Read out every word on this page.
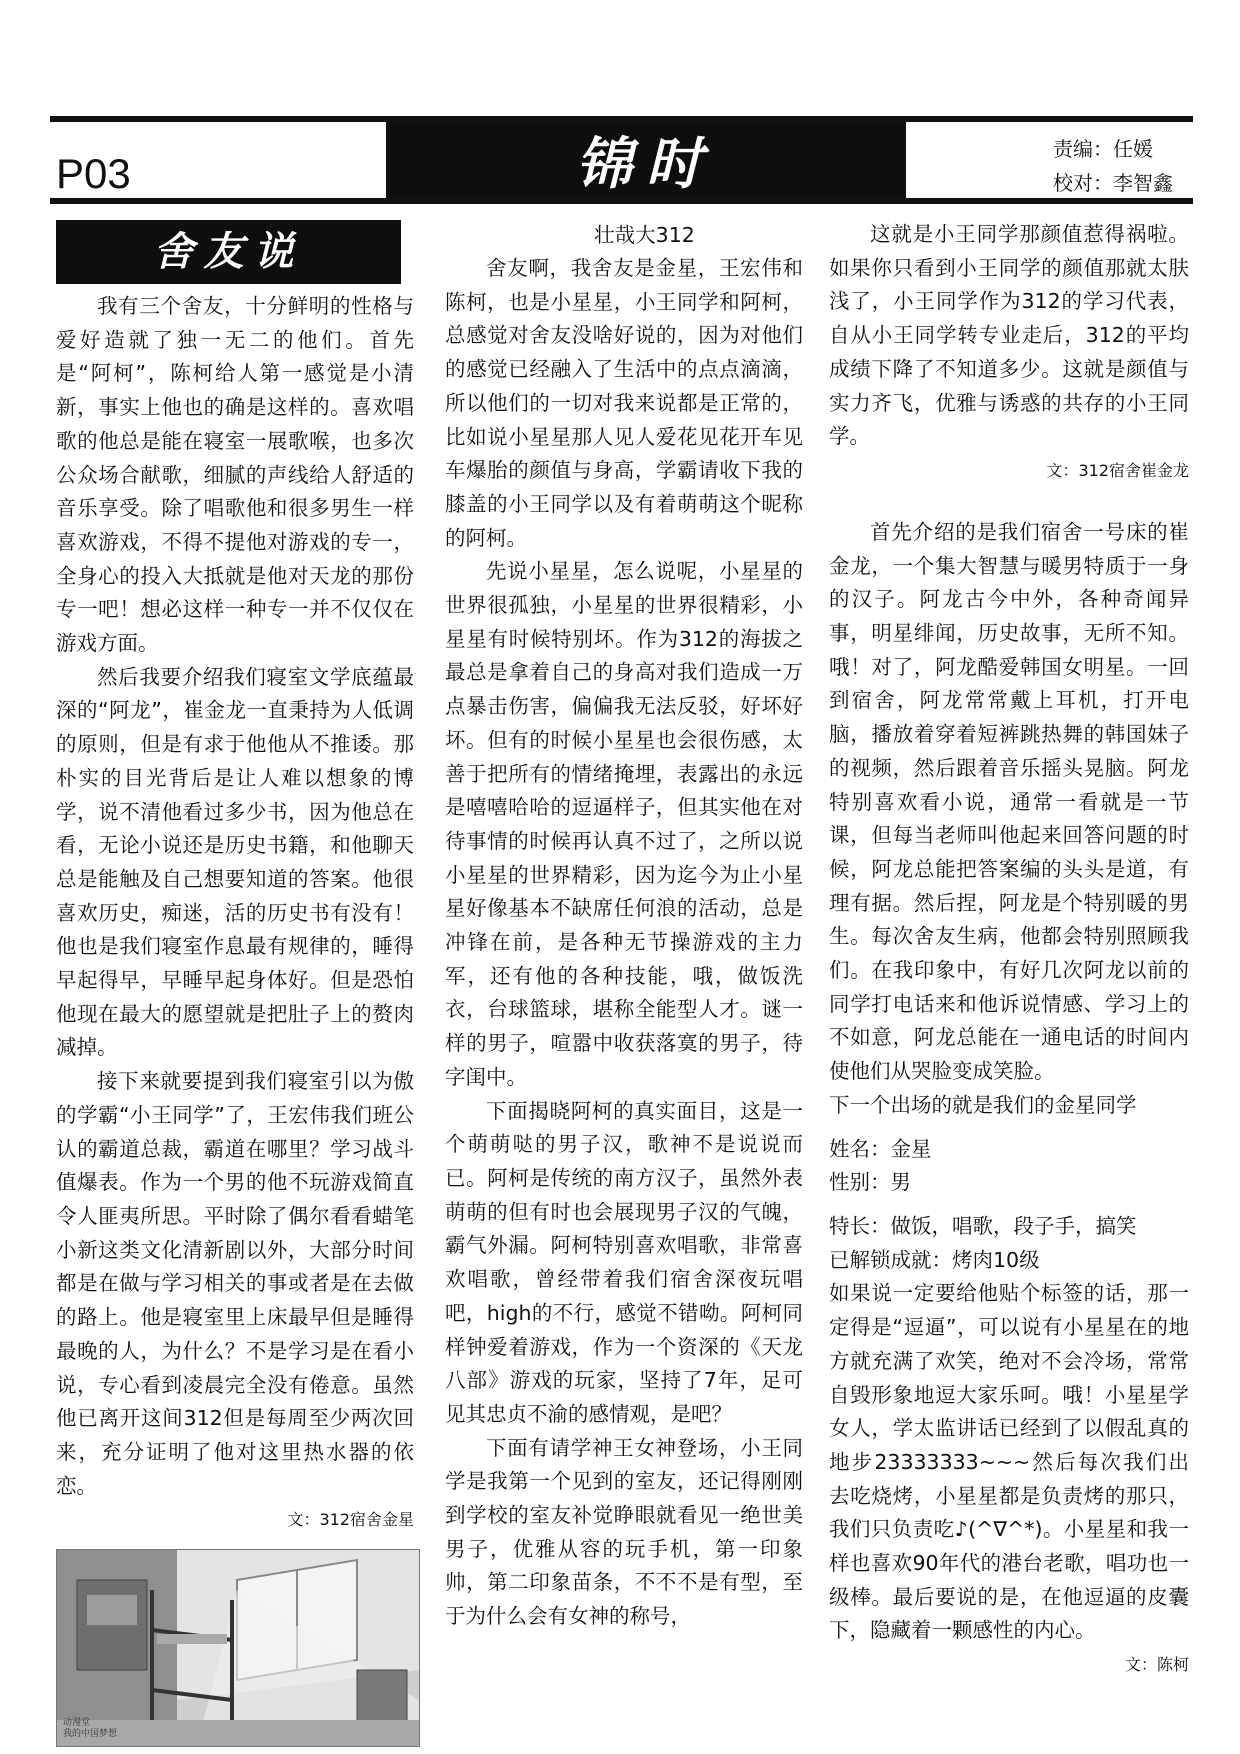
P03	锦时	责编：任媛
校对：李智鑫
舍友说

我有三个舍友，十分鲜明的性格与爱好造就了独一无二的他们。首先是“阿柯”，陈柯给人第一感觉是小清新，事实上他也的确是这样的。喜欢唱歌的他总是能在寝室一展歌喉，也多次公众场合献歌，细腻的声线给人舒适的音乐享受。除了唱歌他和很多男生一样喜欢游戏，不得不提他对游戏的专一，全身心的投入大抵就是他对天龙的那份专一吧！想必这样一种专一并不仅仅在游戏方面。

然后我要介绍我们寝室文学底蕴最深的“阿龙”，崔金龙一直秉持为人低调的原则，但是有求于他他从不推诿。那朴实的目光背后是让人难以想象的博学，说不清他看过多少书，因为他总在看，无论小说还是历史书籍，和他聊天总是能触及自己想要知道的答案。他很喜欢历史，痴迷，活的历史书有没有！他也是我们寝室作息最有规律的，睡得早起得早，早睡早起身体好。但是恐怕他现在最大的愿望就是把肚子上的赘肉减掉。

接下来就要提到我们寝室引以为傲的学霸“小王同学”了，王宏伟我们班公认的霸道总裁，霸道在哪里？学习战斗值爆表。作为一个男的他不玩游戏简直令人匪夷所思。平时除了偶尔看看蜡笔小新这类文化清新剧以外，大部分时间都是在做与学习相关的事或者是在去做的路上。他是寝室里上床最早但是睡得最晚的人，为什么？不是学习是在看小说，专心看到凌晨完全没有倦意。虽然他已离开这间312但是每周至少两次回来，充分证明了他对这里热水器的依恋。

文：312宿舍金星

动漫堂
我的中国梦想

壮哉大312

舍友啊，我舍友是金星，王宏伟和陈柯，也是小星星，小王同学和阿柯，总感觉对舍友没啥好说的，因为对他们的感觉已经融入了生活中的点点滴滴，所以他们的一切对我来说都是正常的，比如说小星星那人见人爱花见花开车见车爆胎的颜值与身高，学霸请收下我的膝盖的小王同学以及有着萌萌这个昵称的阿柯。

先说小星星，怎么说呢，小星星的世界很孤独，小星星的世界很精彩，小星星有时候特别坏。作为312的海拔之最总是拿着自己的身高对我们造成一万点暴击伤害，偏偏我无法反驳，好坏好坏。但有的时候小星星也会很伤感，太善于把所有的情绪掩埋，表露出的永远是嘻嘻哈哈的逗逼样子，但其实他在对待事情的时候再认真不过了，之所以说小星星的世界精彩，因为迄今为止小星星好像基本不缺席任何浪的活动，总是冲锋在前，是各种无节操游戏的主力军，还有他的各种技能，哦，做饭洗衣，台球篮球，堪称全能型人才。谜一样的男子，喧嚣中收获落寞的男子，待字闺中。

下面揭晓阿柯的真实面目，这是一个萌萌哒的男子汉，歌神不是说说而已。阿柯是传统的南方汉子，虽然外表萌萌的但有时也会展现男子汉的气魄，霸气外漏。阿柯特别喜欢唱歌，非常喜欢唱歌，曾经带着我们宿舍深夜玩唱吧，high的不行，感觉不错呦。阿柯同样钟爱着游戏，作为一个资深的《天龙八部》游戏的玩家，坚持了7年，足可见其忠贞不渝的感情观，是吧？

下面有请学神王女神登场，小王同学是我第一个见到的室友，还记得刚刚到学校的室友补觉睁眼就看见一绝世美男子，优雅从容的玩手机，第一印象帅，第二印象苗条，不不不是有型，至于为什么会有女神的称号，

这就是小王同学那颜值惹得祸啦。如果你只看到小王同学的颜值那就太肤浅了，小王同学作为312的学习代表，自从小王同学转专业走后，312的平均成绩下降了不知道多少。这就是颜值与实力齐飞，优雅与诱惑的共存的小王同学。

文：312宿舍崔金龙

首先介绍的是我们宿舍一号床的崔金龙，一个集大智慧与暖男特质于一身的汉子。阿龙古今中外，各种奇闻异事，明星绯闻，历史故事，无所不知。哦！对了，阿龙酷爱韩国女明星。一回到宿舍，阿龙常常戴上耳机，打开电脑，播放着穿着短裤跳热舞的韩国妹子的视频，然后跟着音乐摇头晃脑。阿龙特别喜欢看小说，通常一看就是一节课，但每当老师叫他起来回答问题的时候，阿龙总能把答案编的头头是道，有理有据。然后捏，阿龙是个特别暖的男生。每次舍友生病，他都会特别照顾我们。在我印象中，有好几次阿龙以前的同学打电话来和他诉说情感、学习上的不如意，阿龙总能在一通电话的时间内使他们从哭脸变成笑脸。

下一个出场的就是我们的金星同学

姓名：金星

性别：男

特长：做饭，唱歌，段子手，搞笑

已解锁成就：烤肉10级

如果说一定要给他贴个标签的话，那一定得是“逗逼”，可以说有小星星在的地方就充满了欢笑，绝对不会冷场，常常自毁形象地逗大家乐呵。哦！小星星学女人，学太监讲话已经到了以假乱真的地步23333333~~~然后每次我们出去吃烧烤，小星星都是负责烤的那只，我们只负责吃♪(^∇^*)。小星星和我一样也喜欢90年代的港台老歌，唱功也一级棒。最后要说的是，在他逗逼的皮囊下，隐藏着一颗感性的内心。

文：陈柯
